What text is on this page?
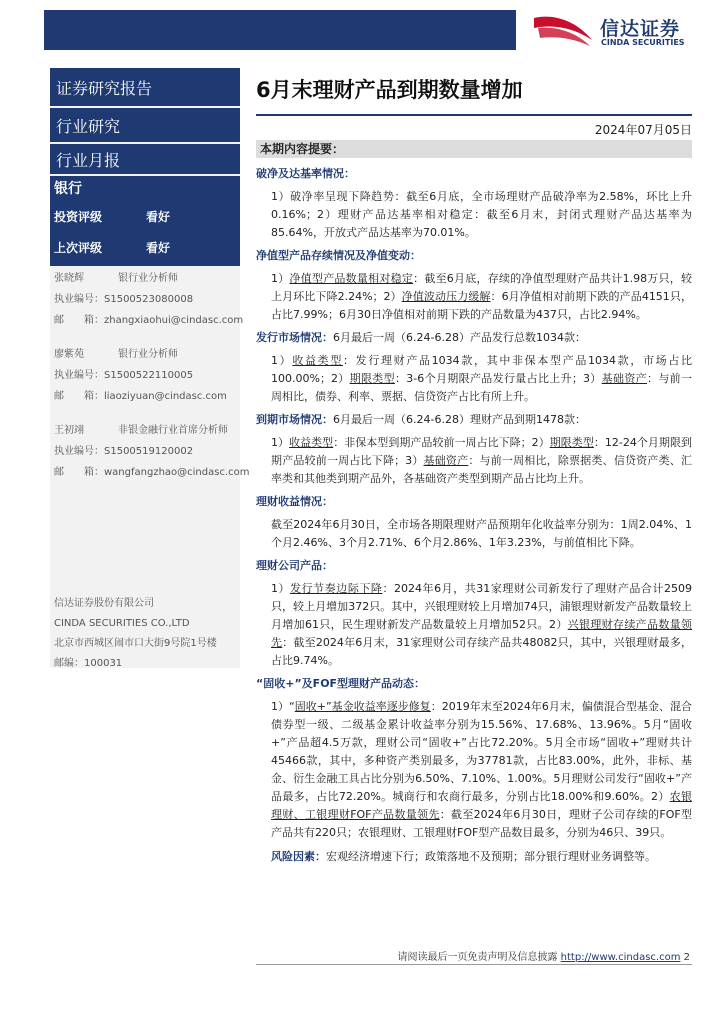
信达证券
CINDA SECURITIES
证券研究报告
行业研究
行业月报
银行
投资评级	看好
上次评级	看好
张晓辉	银行业分析师
执业编号：S1500523080008
邮　　箱：zhangxiaohui@cindasc.com
廖紫苑	银行业分析师
执业编号：S1500522110005
邮　　箱：liaoziyuan@cindasc.com
王初翊	非银金融行业首席分析师
执业编号：S1500519120002
邮　　箱：wangfangzhao@cindasc.com
信达证券股份有限公司
CINDA SECURITIES CO.,LTD
北京市西城区闹市口大街9号院1号楼
邮编：100031
6月末理财产品到期数量增加
2024年07月05日
本期内容提要：
破净及达基率情况：
1）破净率呈现下降趋势：截至6月底，全市场理财产品破净率为2.58%，环比上升0.16%；2）理财产品达基率相对稳定：截至6月末，封闭式理财产品达基率为85.64%，开放式产品达基率为70.01%。
净值型产品存续情况及净值变动：
1）净值型产品数量相对稳定：截至6月底，存续的净值型理财产品共计1.98万只，较上月环比下降2.24%；2）净值波动压力缓解：6月净值相对前期下跌的产品4151只，占比7.99%；6月30日净值相对前期下跌的产品数量为437只，占比2.94%。
发行市场情况：6月最后一周（6.24-6.28）产品发行总数1034款：
1）收益类型：发行理财产品1034款，其中非保本型产品1034款，市场占比100.00%；2）期限类型：3-6个月期限产品发行量占比上升；3）基础资产：与前一周相比，债券、利率、票据、信贷资产占比有所上升。
到期市场情况：6月最后一周（6.24-6.28）理财产品到期1478款：
1）收益类型：非保本型到期产品较前一周占比下降；2）期限类型：12-24个月期限到期产品较前一周占比下降；3）基础资产：与前一周相比，除票据类、信贷资产类、汇率类和其他类到期产品外，各基础资产类型到期产品占比均上升。
理财收益情况：
截至2024年6月30日，全市场各期限理财产品预期年化收益率分别为：1周2.04%、1个月2.46%、3个月2.71%、6个月2.86%、1年3.23%，与前值相比下降。
理财公司产品：
1）发行节奏边际下降：2024年6月，共31家理财公司新发行了理财产品合计2509只，较上月增加372只。其中，兴银理财较上月增加74只，浦银理财新发产品数量较上月增加61只，民生理财新发产品数量较上月增加52只。2）兴银理财存续产品数量领先：截至2024年6月末，31家理财公司存续产品共48082只，其中，兴银理财最多，占比9.74%。
“固收+”及FOF型理财产品动态：
1）“固收+”基金收益率逐步修复：2019年末至2024年6月末，偏债混合型基金、混合债券型一级、二级基金累计收益率分别为15.56%、17.68%、13.96%。5月“固收+”产品超4.5万款，理财公司“固收+”占比72.20%。5月全市场“固收+”理财共计45466款，其中，多种资产类别最多，为37781款，占比83.00%，此外，非标、基金、衍生金融工具占比分别为6.50%、7.10%、1.00%。5月理财公司发行“固收+”产品最多，占比72.20%。城商行和农商行最多，分别占比18.00%和9.60%。2）农银理财、工银理财FOF产品数量领先：截至2024年6月30日，理财子公司存续的FOF型产品共有220只；农银理财、工银理财FOF型产品数目最多，分别为46只、39只。
风险因素：宏观经济增速下行；政策落地不及预期；部分银行理财业务调整等。
请阅读最后一页免责声明及信息披露 http://www.cindasc.com 2
